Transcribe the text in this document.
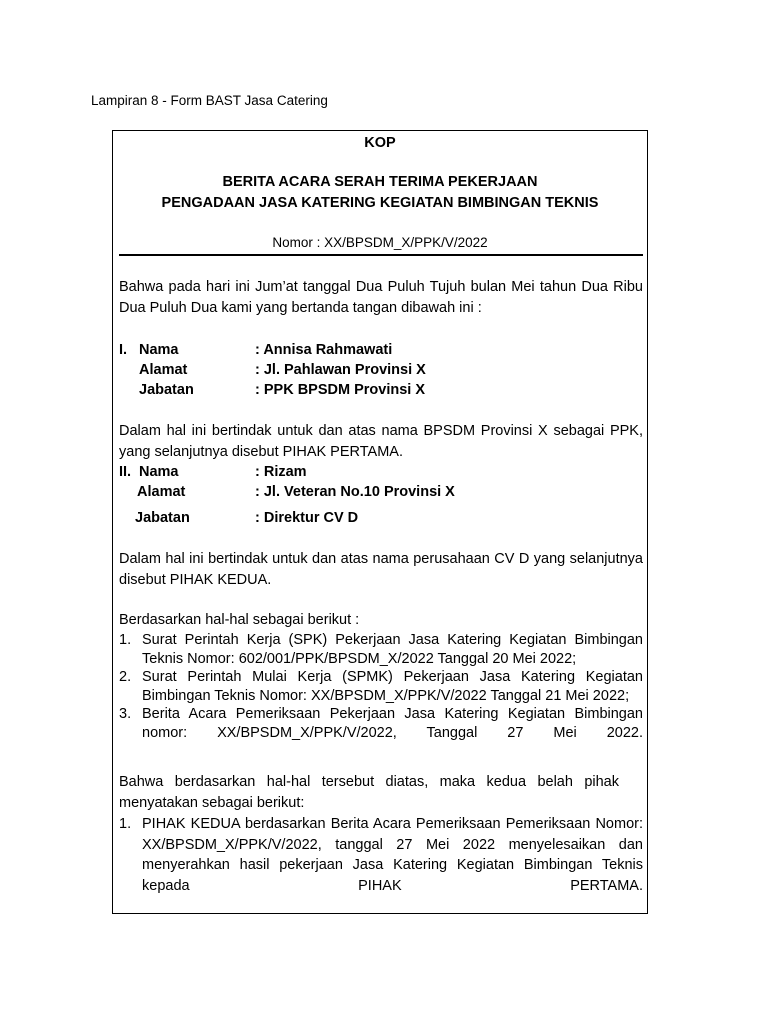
Lampiran 8 - Form BAST Jasa Catering
KOP
BERITA ACARA SERAH TERIMA PEKERJAAN
PENGADAAN JASA KATERING KEGIATAN BIMBINGAN TEKNIS
Nomor : XX/BPSDM_X/PPK/V/2022
Bahwa pada hari ini Jum’at tanggal Dua Puluh Tujuh bulan Mei tahun Dua Ribu Dua Puluh Dua kami yang bertanda tangan dibawah ini :
I. Nama	: Annisa Rahmawati
Alamat	: Jl. Pahlawan Provinsi X
Jabatan	: PPK BPSDM Provinsi X
Dalam hal ini bertindak untuk dan atas nama BPSDM Provinsi X sebagai PPK, yang selanjutnya disebut PIHAK PERTAMA.
II. Nama	: Rizam
Alamat	: Jl. Veteran No.10 Provinsi X
Jabatan	: Direktur CV D
Dalam hal ini bertindak untuk dan atas nama perusahaan CV D yang selanjutnya disebut PIHAK KEDUA.
Berdasarkan hal-hal sebagai berikut :
1. Surat Perintah Kerja (SPK) Pekerjaan Jasa Katering Kegiatan Bimbingan Teknis Nomor: 602/001/PPK/BPSDM_X/2022 Tanggal 20 Mei 2022;
2. Surat Perintah Mulai Kerja (SPMK) Pekerjaan Jasa Katering Kegiatan Bimbingan Teknis Nomor: XX/BPSDM_X/PPK/V/2022 Tanggal 21 Mei 2022;
3. Berita Acara Pemeriksaan Pekerjaan Jasa Katering Kegiatan Bimbingan nomor: XX/BPSDM_X/PPK/V/2022, Tanggal 27 Mei 2022.
Bahwa berdasarkan hal-hal tersebut diatas, maka kedua belah pihak menyatakan sebagai berikut:
1. PIHAK KEDUA berdasarkan Berita Acara Pemeriksaan Pemeriksaan Nomor: XX/BPSDM_X/PPK/V/2022, tanggal 27 Mei 2022 menyelesaikan dan menyerahkan hasil pekerjaan Jasa Katering Kegiatan Bimbingan Teknis kepada PIHAK PERTAMA.
